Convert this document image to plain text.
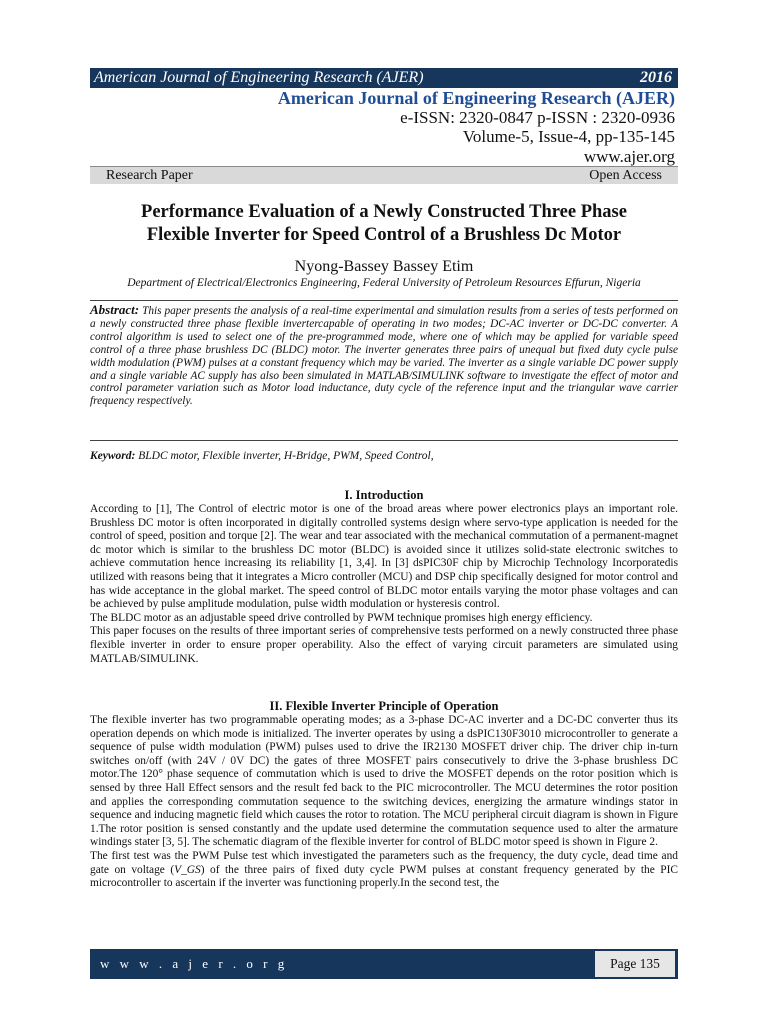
American Journal of Engineering Research (AJER)	2016
American Journal of Engineering Research (AJER)
e-ISSN: 2320-0847 p-ISSN : 2320-0936
Volume-5, Issue-4, pp-135-145
www.ajer.org
Research Paper	Open Access
Performance Evaluation of a Newly Constructed Three Phase
Flexible Inverter for Speed Control of a Brushless Dc Motor
Nyong-Bassey Bassey Etim
Department of Electrical/Electronics Engineering, Federal University of Petroleum Resources Effurun, Nigeria
Abstract: This paper presents the analysis of a real-time experimental and simulation results from a series of tests performed on a newly constructed three phase flexible invertercapable of operating in two modes; DC-AC inverter or DC-DC converter. A control algorithm is used to select one of the pre-programmed mode, where one of which may be applied for variable speed control of a three phase brushless DC (BLDC) motor. The inverter generates three pairs of unequal but fixed duty cycle pulse width modulation (PWM) pulses at a constant frequency which may be varied. The inverter as a single variable DC power supply and a single variable AC supply has also been simulated in MATLAB/SIMULINK software to investigate the effect of motor and control parameter variation such as Motor load inductance, duty cycle of the reference input and the triangular wave carrier frequency respectively.
Keyword: BLDC motor, Flexible inverter, H-Bridge, PWM, Speed Control,
I. Introduction

According to [1], The Control of electric motor is one of the broad areas where power electronics plays an important role. Brushless DC motor is often incorporated in digitally controlled systems design where servo-type application is needed for the control of speed, position and torque [2]. The wear and tear associated with the mechanical commutation of a permanent-magnet dc motor which is similar to the brushless DC motor (BLDC) is avoided since it utilizes solid-state electronic switches to achieve commutation hence increasing its reliability [1, 3,4]. In [3] dsPIC30F chip by Microchip Technology Incorporatedis utilized with reasons being that it integrates a Micro controller (MCU) and DSP chip specifically designed for motor control and has wide acceptance in the global market. The speed control of BLDC motor entails varying the motor phase voltages and can be achieved by pulse amplitude modulation, pulse width modulation or hysteresis control.

The BLDC motor as an adjustable speed drive controlled by PWM technique promises high energy efficiency.

This paper focuses on the results of three important series of comprehensive tests performed on a newly constructed three phase flexible inverter in order to ensure proper operability. Also the effect of varying circuit parameters are simulated using MATLAB/SIMULINK.

II. Flexible Inverter Principle of Operation

The flexible inverter has two programmable operating modes; as a 3-phase DC-AC inverter and a DC-DC converter thus its operation depends on which mode is initialized. The inverter operates by using a dsPIC130F3010 microcontroller to generate a sequence of pulse width modulation (PWM) pulses used to drive the IR2130 MOSFET driver chip. The driver chip in-turn switches on/off (with 24V / 0V DC) the gates of three MOSFET pairs consecutively to drive the 3-phase brushless DC motor.The 120° phase sequence of commutation which is used to drive the MOSFET depends on the rotor position which is sensed by three Hall Effect sensors and the result fed back to the PIC microcontroller. The MCU determines the rotor position and applies the corresponding commutation sequence to the switching devices, energizing the armature windings stator in sequence and inducing magnetic field which causes the rotor to rotation. The MCU peripheral circuit diagram is shown in Figure 1.The rotor position is sensed constantly and the update used determine the commutation sequence used to alter the armature windings stater [3, 5]. The schematic diagram of the flexible inverter for control of BLDC motor speed is shown in Figure 2.

The first test was the PWM Pulse test which investigated the parameters such as the frequency, the duty cycle, dead time and gate on voltage (V_GS) of the three pairs of fixed duty cycle PWM pulses at constant frequency generated by the PIC microcontroller to ascertain if the inverter was functioning properly.In the second test, the

w w w . a j e r . o r g	Page 135
